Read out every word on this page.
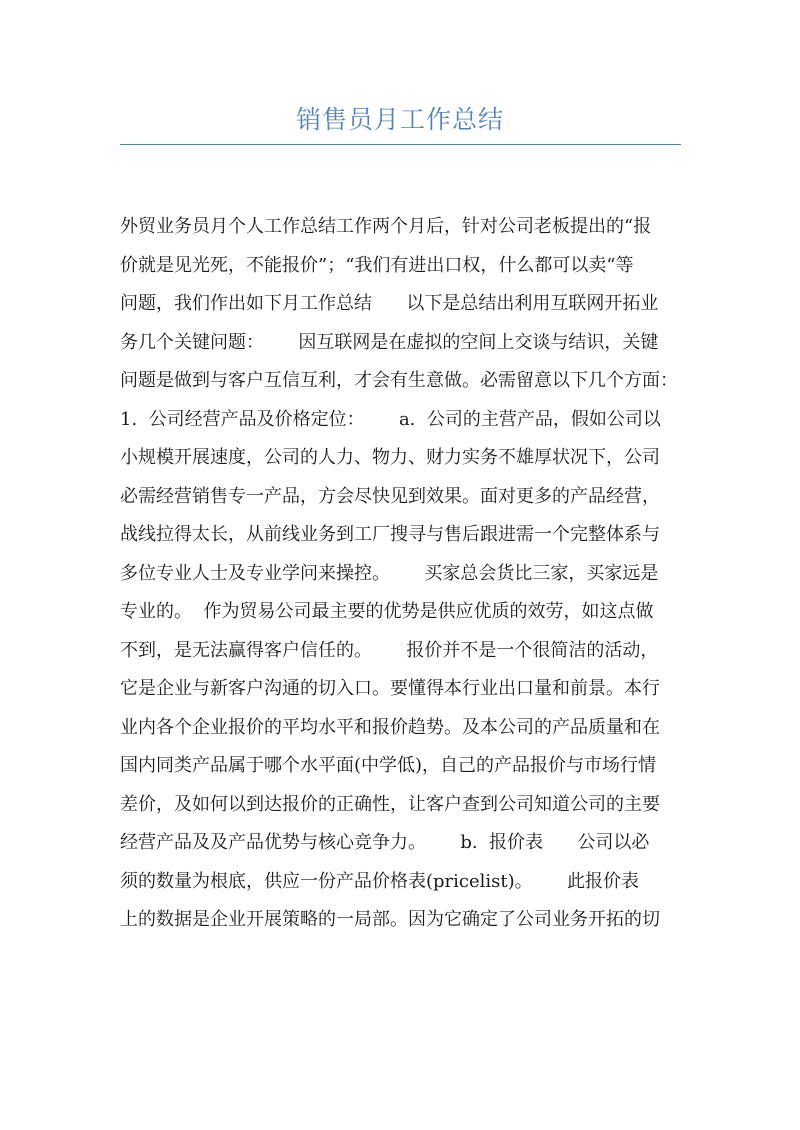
销售员月工作总结
外贸业务员月个人工作总结工作两个月后，针对公司老板提出的“报
价就是见光死，不能报价”；“我们有进出口权，什么都可以卖“等
问题，我们作出如下月工作总结      以下是总结出利用互联网开拓业
务几个关键问题：      因互联网是在虚拟的空间上交谈与结识，关键
问题是做到与客户互信互利，才会有生意做。必需留意以下几个方面：
1.  公司经营产品及价格定位：      a.  公司的主营产品，假如公司以
小规模开展速度，公司的人力、物力、财力实务不雄厚状况下，公司
必需经营销售专一产品，方会尽快见到效果。面对更多的产品经营，
战线拉得太长，从前线业务到工厂搜寻与售后跟进需一个完整体系与
多位专业人士及专业学问来操控。      买家总会货比三家，买家远是
专业的。  作为贸易公司最主要的优势是供应优质的效劳，如这点做
不到，是无法赢得客户信任的。      报价并不是一个很简洁的活动，
它是企业与新客户沟通的切入口。要懂得本行业出口量和前景。本行
业内各个企业报价的平均水平和报价趋势。及本公司的产品质量和在
国内同类产品属于哪个水平面(中学低)，自己的产品报价与市场行情
差价，及如何以到达报价的正确性，让客户查到公司知道公司的主要
经营产品及及产品优势与核心竞争力。      b.  报价表      公司以必
须的数量为根底，供应一份产品价格表(pricelist)。      此报价表
上的数据是企业开展策略的一局部。因为它确定了公司业务开拓的切
